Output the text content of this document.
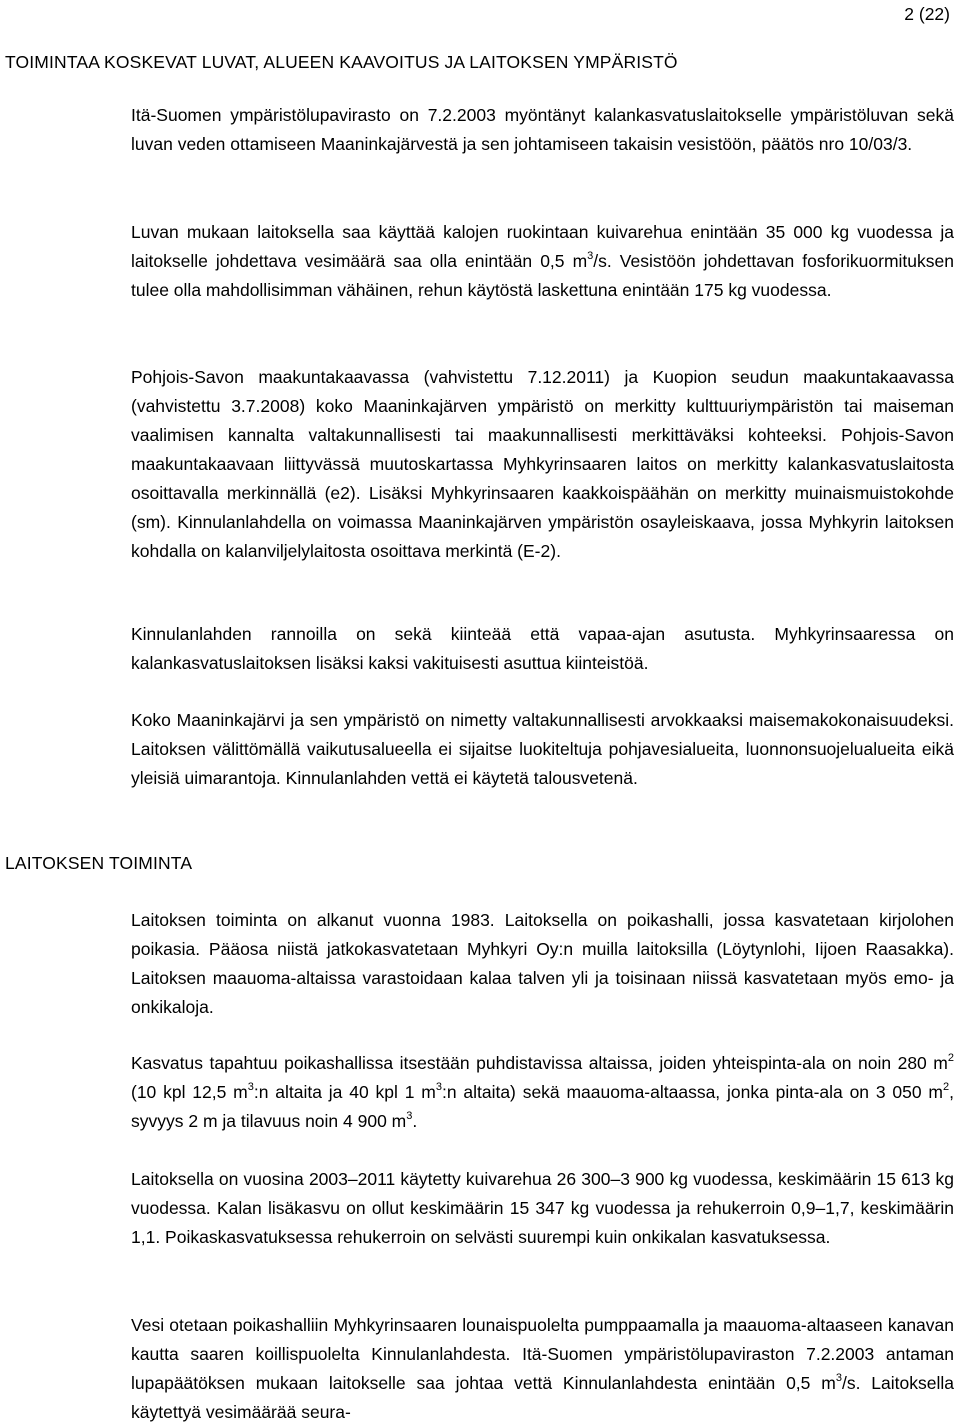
2 (22)
TOIMINTAA KOSKEVAT LUVAT, ALUEEN KAAVOITUS JA LAITOKSEN YMPÄRISTÖ

Itä-Suomen ympäristölupavirasto on 7.2.2003 myöntänyt kalankasvatuslaitokselle ympäristöluvan sekä luvan veden ottamiseen Maaninkajärvestä ja sen johtamiseen takaisin vesistöön, päätös nro 10/03/3.

Luvan mukaan laitoksella saa käyttää kalojen ruokintaan kuivarehua enintään 35 000 kg vuodessa ja laitokselle johdettava vesimäärä saa olla enintään 0,5 $m^3/s$. Vesistöön johdettavan fosforikuormituksen tulee olla mahdollisimman vähäinen, rehun käytöstä laskettuna enintään 175 kg vuodessa.

Pohjois-Savon maakuntakaavassa (vahvistettu 7.12.2011) ja Kuopion seudun maakuntakaavassa (vahvistettu 3.7.2008) koko Maaninkajärven ympäristö on merkitty kulttuuriympäristön tai maiseman vaalimisen kannalta valtakunnallisesti tai maakunnallisesti merkittäväksi kohteeksi. Pohjois-Savon maakuntakaavaan liittyvässä muutoskartassa Myhkyrinsaaren laitos on merkitty kalankasvatuslaitosta osoittavalla merkinnällä (e2). Lisäksi Myhkyrinsaaren kaakkoispäähän on merkitty muinaismuistokohde (sm). Kinnulanlahdella on voimassa Maaninkajärven ympäristön osayleiskaava, jossa Myhkyrin laitoksen kohdalla on kalanviljelylaitosta osoittava merkintä (E-2).

Kinnulanlahden rannoilla on sekä kiinteää että vapaa-ajan asutusta. Myhkyrinsaaressa on kalankasvatuslaitoksen lisäksi kaksi vakituisesti asuttua kiinteistöä.

Koko Maaninkajärvi ja sen ympäristö on nimetty valtakunnallisesti arvokkaaksi maisemakokonaisuudeksi. Laitoksen välittömällä vaikutusalueella ei sijaitse luokiteltuja pohjavesialueita, luonnonsuojelualueita eikä yleisiä uimarantoja. Kinnulanlahden vettä ei käytetä talousvetenä.

LAITOKSEN TOIMINTA

Laitoksen toiminta on alkanut vuonna 1983. Laitoksella on poikashalli, jossa kasvatetaan kirjolohen poikasia. Pääosa niistä jatkokasvatetaan Myhkyri Oy:n muilla laitoksilla (Löytynlohi, Iijoen Raasakka). Laitoksen maauoma-altaissa varastoidaan kalaa talven yli ja toisinaan niissä kasvatetaan myös emo- ja onkikaloja.

Kasvatus tapahtuu poikashallissa itsestään puhdistavissa altaissa, joiden yhteispinta-ala on noin 280 $m^2$ (10 kpl 12,5 $m^3:n$ altaita ja 40 kpl 1 $m^3:n$ altaita) sekä maauoma-altaassa, jonka pinta-ala on 3 050 $m^2$, syvyys 2 m ja tilavuus noin 4 900 $m^3$.

Laitoksella on vuosina 2003–2011 käytetty kuivarehua 26 300–3 900 kg vuodessa, keskimäärin 15 613 kg vuodessa. Kalan lisäkasvu on ollut keskimäärin 15 347 kg vuodessa ja rehukerroin 0,9–1,7, keskimäärin 1,1. Poikaskasvatuksessa rehukerroin on selvästi suurempi kuin onkikalan kasvatuksessa.

Vesi otetaan poikashalliin Myhkyrinsaaren lounaispuolelta pumppaamalla ja maauoma-altaaseen kanavan kautta saaren koillispuolelta Kinnulanlahdesta. Itä-Suomen ympäristölupaviraston 7.2.2003 antaman lupapäätöksen mukaan laitokselle saa johtaa vettä Kinnulanlahdesta enintään 0,5 $m^3/s$. Laitoksella käytettyä vesimäärää seura-
